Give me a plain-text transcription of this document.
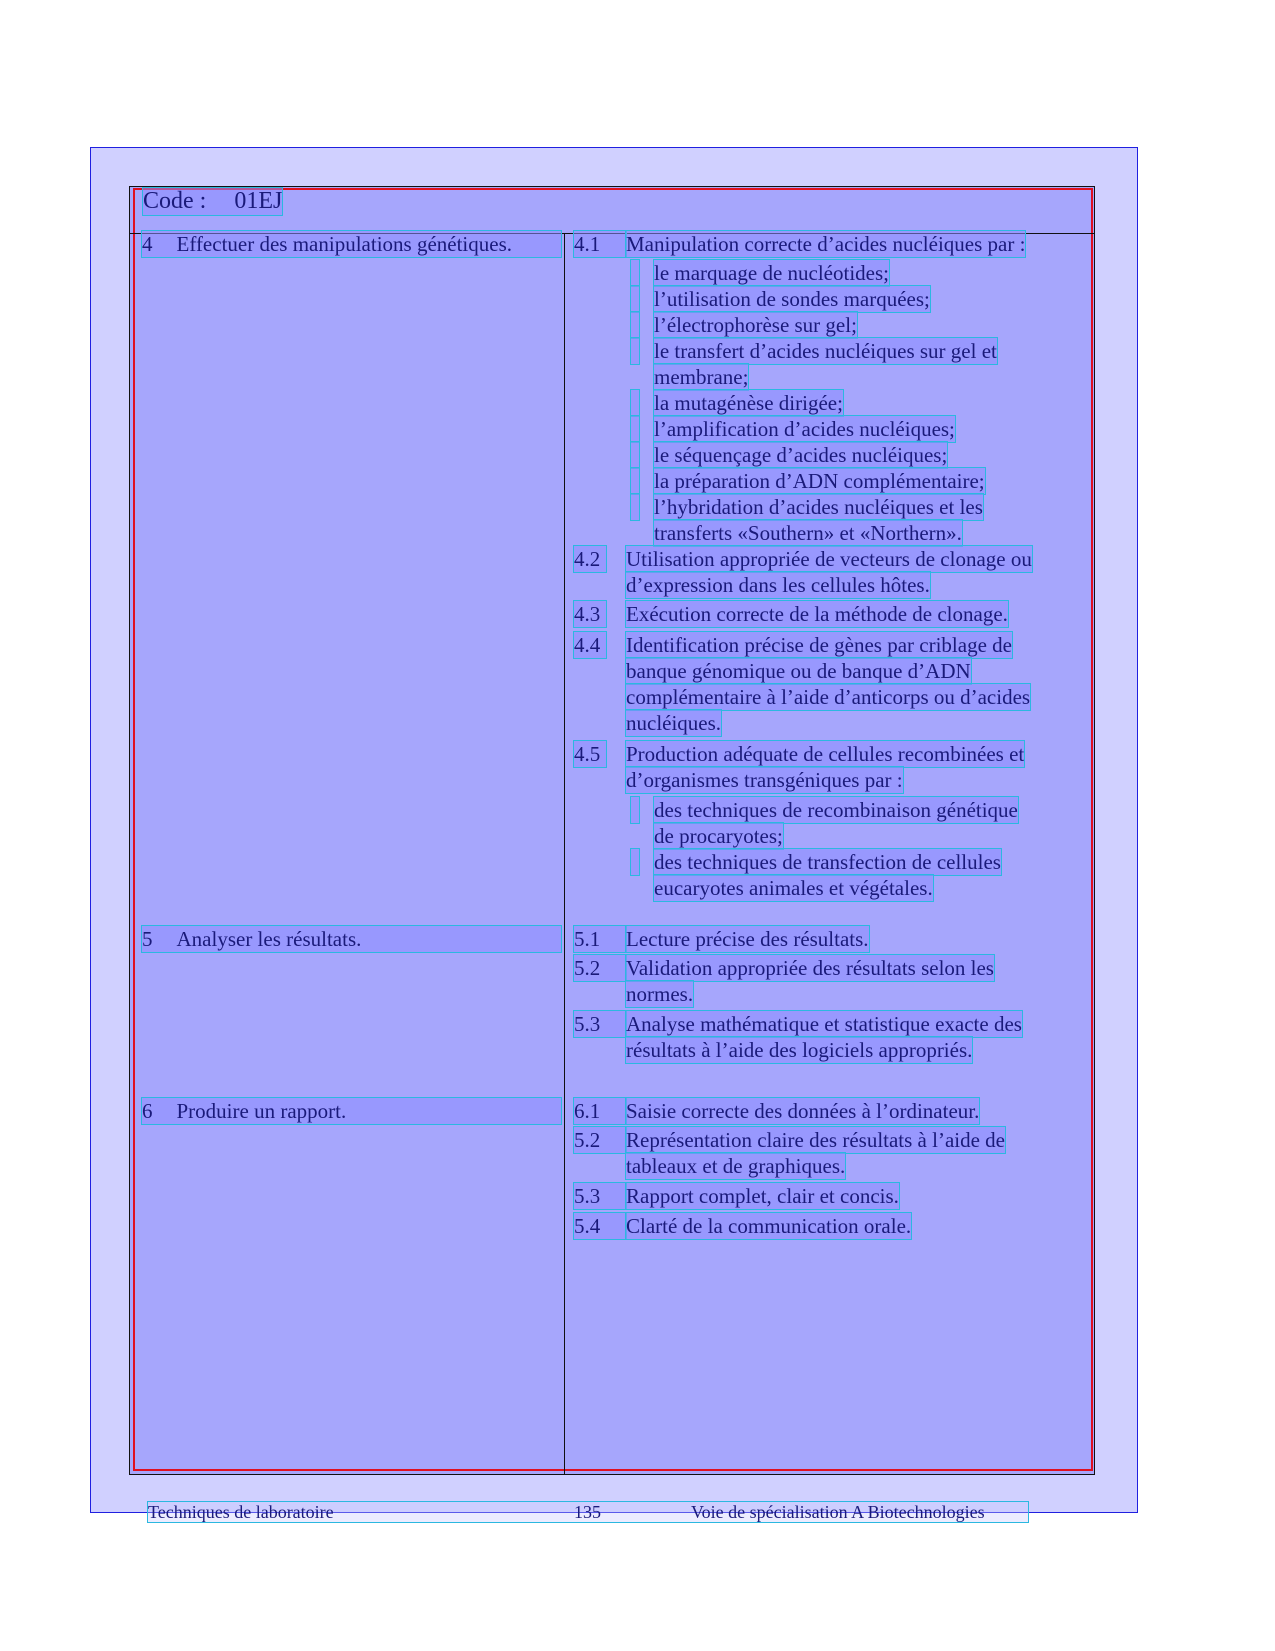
Code : 01EJ
4 Effectuer des manipulations génétiques.	4.1	Manipulation correcte d’acides nucléiques par :
le marquage de nucléotides;
l’utilisation de sondes marquées;
l’électrophorèse sur gel;
le transfert d’acides nucléiques sur gel et
membrane;
la mutagénèse dirigée;
l’amplification d’acides nucléiques;
le séquençage d’acides nucléiques;
la préparation d’ADN complémentaire;
l’hybridation d’acides nucléiques et les
transferts «Southern» et «Northern».
4.2 Utilisation appropriée de vecteurs de clonage ou
d’expression dans les cellules hôtes.
4.3 Exécution correcte de la méthode de clonage.
4.4 Identification précise de gènes par criblage de
banque génomique ou de banque d’ADN
complémentaire à l’aide d’anticorps ou d’acides
nucléiques.
4.5 Production adéquate de cellules recombinées et
d’organismes transgéniques par :
des techniques de recombinaison génétique
de procaryotes;
des techniques de transfection de cellules
eucaryotes animales et végétales.
5 Analyser les résultats.	5.1	Lecture précise des résultats.
5.2	Validation appropriée des résultats selon les
normes.
5.3	Analyse mathématique et statistique exacte des
résultats à l’aide des logiciels appropriés.
6 Produire un rapport.	6.1	Saisie correcte des données à l’ordinateur.
5.2	Représentation claire des résultats à l’aide de
tableaux et de graphiques.
5.3	Rapport complet, clair et concis.
5.4	Clarté de la communication orale.
Techniques de laboratoire	135	Voie de spécialisation A Biotechnologies
